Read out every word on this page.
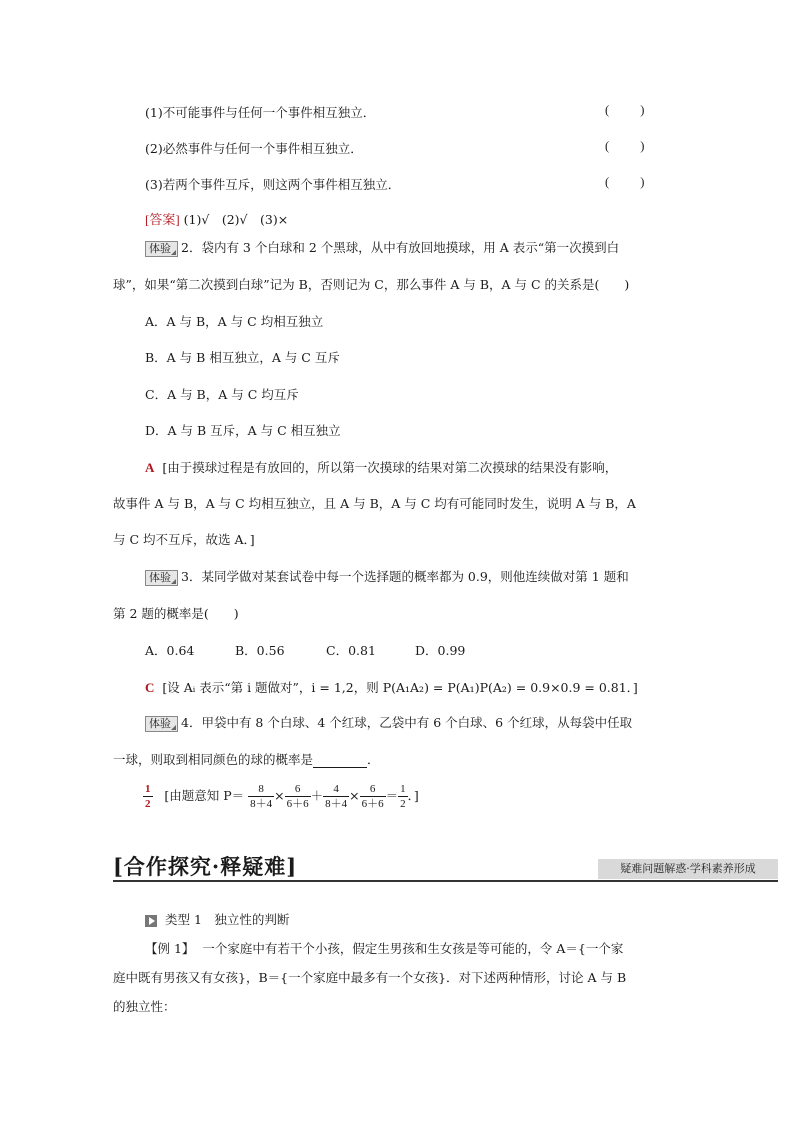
(1)不可能事件与任何一个事件相互独立．	( )
(2)必然事件与任何一个事件相互独立．	( )
(3)若两个事件互斥，则这两个事件相互独立．	( )
[答案] (1)√　(2)√　(3)×
体验 2．袋内有 3 个白球和 2 个黑球，从中有放回地摸球，用 A 表示“第一次摸到白
球”，如果“第二次摸到白球”记为 B，否则记为 C，那么事件 A 与 B，A 与 C 的关系是(　　)
A．A 与 B，A 与 C 均相互独立
B．A 与 B 相互独立，A 与 C 互斥
C．A 与 B，A 与 C 均互斥
D．A 与 B 互斥，A 与 C 相互独立
A [由于摸球过程是有放回的，所以第一次摸球的结果对第二次摸球的结果没有影响，
故事件 A 与 B，A 与 C 均相互独立，且 A 与 B，A 与 C 均有可能同时发生，说明 A 与 B，A
与 C 均不互斥，故选 A．]
体验 3．某同学做对某套试卷中每一个选择题的概率都为 0.9，则他连续做对第 1 题和
第 2 题的概率是(　　)
A．0.64	B．0.56	C．0.81	D．0.99
C [设 Aᵢ 表示“第 i 题做对”，i = 1,2，则 P(A₁A₂) = P(A₁)P(A₂) = 0.9×0.9 = 0.81．]
体验 4．甲袋中有 8 个白球、4 个红球，乙袋中有 6 个白球、6 个红球，从每袋中任取
一球，则取到相同颜色的球的概率是	．
$\frac{1}{2}$ [由题意知 $P= \frac{8}{8+4} \times \frac{6}{6+6} + \frac{4}{8+4} \times \frac{6}{6+6} = \frac{1}{2}$ ．]
[合作探究·释疑难]	疑难问题解惑·学科素养形成
类型 1　独立性的判断
【例 1】 一个家庭中有若干个小孩，假定生男孩和生女孩是等可能的，令 A＝{一个家
庭中既有男孩又有女孩}，B＝{一个家庭中最多有一个女孩}．对下述两种情形，讨论 A 与 B
的独立性：
